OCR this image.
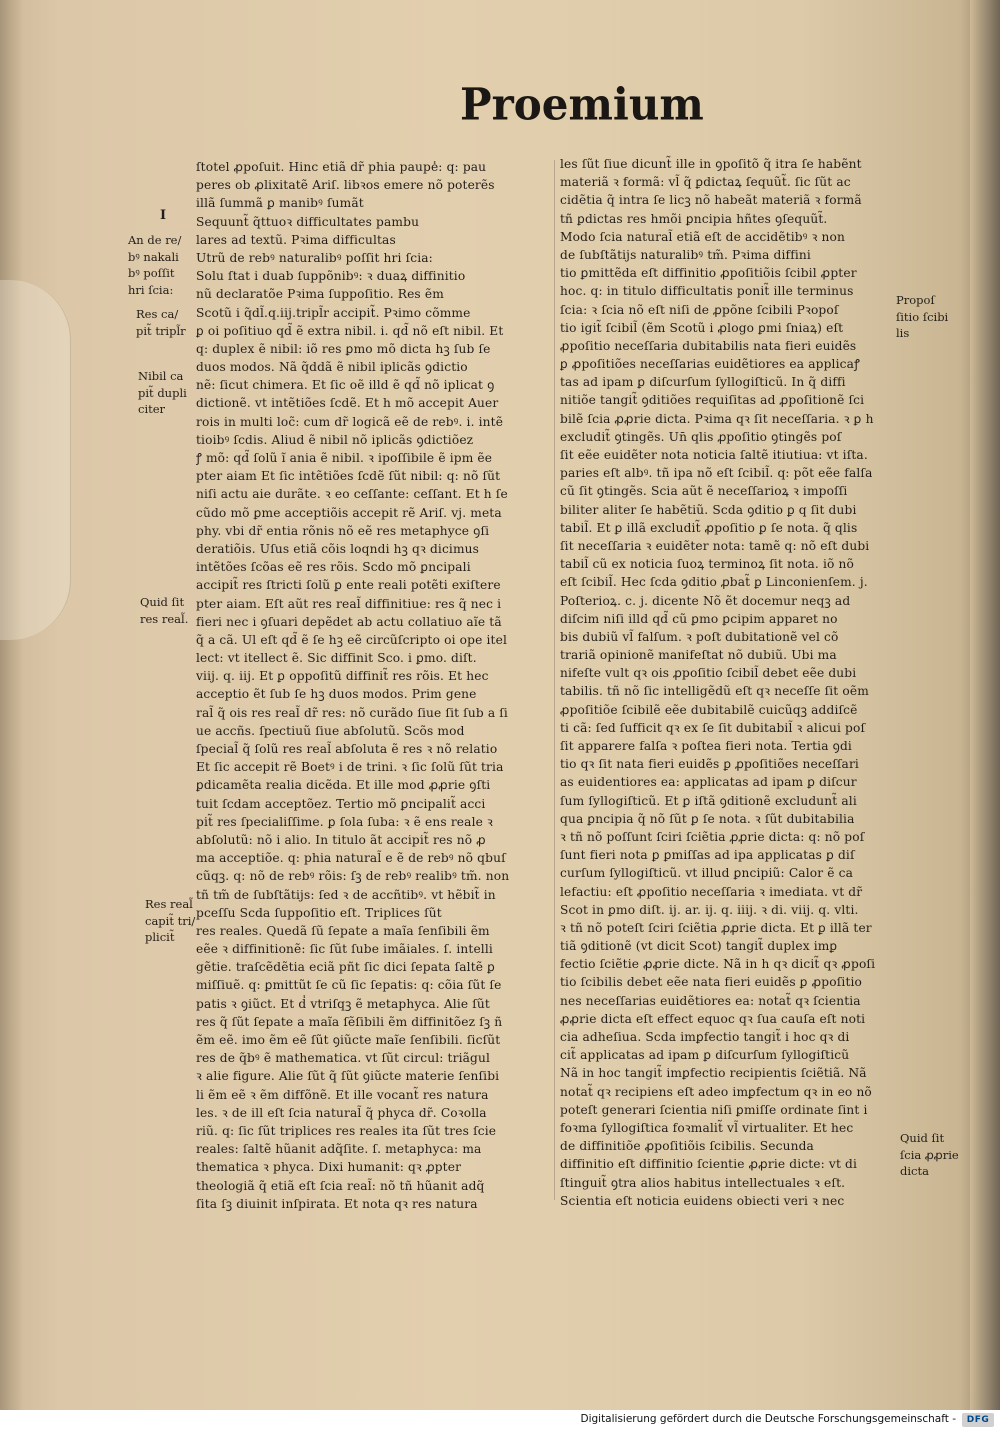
Proemium
I
ſtotel ꝓpoſuit. Hinc etiã dr̃ phia paupe̾: q: pau
peres ob ꝓlixitatẽ Ariſ. libꝛos emere nõ poterẽs
illã ſummã ꝑ manibꝰ ſumãt
Sequunt̃ q̃ttuoꝛ difficultates pambu
lares ad textũ. Pꝛima difficultas
Utrũ de rebꝰ naturalibꝰ poſſit hri ſcia:
Solu ſtat i duab ſuppõnibꝰ: ꝛ duaꝝ diffinitio
nũ declaratõe Pꝛima ſuppoſitio. Res ẽm
Scotũ i q̃dl̃.q.iij.tripl̃r accipit̃. Pꝛimo cõmme
ꝑ oi poſitiuo qd̃ ẽ extra nibil. i. qd̃ nõ eſt nibil. Et
q: duplex ẽ nibil: iõ res ꝑmo mõ dicta hꝫ ſub ſe
duos modos. Nã q̃ddã ẽ nibil iplicãs ꝯdictio
nẽ: ſicut chimera. Et ſic oẽ illd ẽ qd̃ nõ iplicat ꝯ
dictionẽ. vt intẽtiões ſcdẽ. Et h mõ accepit Auer
rois in multi loc̃: cum dr̃ logicã eẽ de rebꝰ. i. intẽ
tioibꝰ ſcdis. Aliud ẽ nibil nõ iplicãs ꝯdictiõez
ꝭ mõ: qd̃ ſolũ ĩ ania ẽ nibil. ꝛ ipoſſibile ẽ ipm ẽe
pter aiam Et ſic intẽtiões ſcdẽ ſũt nibil: q: nõ ſũt
niſi actu aie durãte. ꝛ eo ceſſante: ceſſant. Et h ſe
cũdo mõ ꝑme acceptiõis accepit rẽ Ariſ. vj. meta
phy. vbi dr̃ entia rõnis nõ eẽ res metaphyce ꝯſi
deratiõis. Uſus etiã cõis loqndi hꝫ qꝛ dicimus
intẽtões ſcõas eẽ res rõis. Scdo mõ ꝑncipali
accipit̃ res ſtricti ſolũ ꝑ ente reali potẽti exiſtere
pter aiam. Eſt aũt res real̃ diffinitiue: res q̃ nec i
fieri nec i ꝯſuari depẽdet ab actu collatiuo aĩe tã
q̃ a cã. Ul eſt qd̃ ẽ ſe hꝫ eẽ circũſcripto oi ope itel
lect: vt itellect ẽ. Sic diffinit Sco. i ꝑmo. diſt.
viij. q. iij. Et ꝑ oppoſitũ diffinit̃ res rõis. Et hec
acceptio ẽt ſub ſe hꝫ duos modos. Prim gene
ral̃ q̃ ois res real̃ dr̃ res: nõ curãdo ſiue ſit ſub a ſi
ue accñs. ſpectiuũ ſiue abſolutũ. Scõs mod
ſpecial̃ q̃ ſolũ res real̃ abſoluta ẽ res ꝛ nõ relatio
Et ſic accepit rẽ Boetꝰ i de trini. ꝛ ſic ſolũ ſũt tria
ꝑdicamẽta realia dicẽda. Et ille mod ꝓꝓrie ꝯſti
tuit ſcdam acceptõez. Tertio mõ ꝑncipalit̃ acci
pit̃ res ſpecialiſſime. ꝑ ſola ſuba: ꝛ ẽ ens reale ꝛ
abſolutũ: nõ i alio. In titulo ãt accipit̃ res nõ ꝓ
ma acceptiõe. q: phia natural̃ e ẽ de rebꝰ nõ qbuſ
cũqꝫ. q: nõ de rebꝰ rõis: ſꝫ de rebꝰ realibꝰ tm̃. non
tñ tm̃ de ſubſtãtijs: ſed ꝛ de accñtibꝰ. vt hẽbit̃ in
pceſſu Scda ſuppoſitio eſt. Triplices ſũt
res reales. Quedã ſũ ſepate a maĩa ſenſibili ẽm
eẽe ꝛ diffinitionẽ: ſic ſũt ſube imãiales. ſ. intelli
gẽtie. traſcẽdẽtia eciã pñt ſic dici ſepata ſaltẽ ꝑ
miſſiuẽ. q: ꝑmittũt ſe cũ ſic ſepatis: q: cõia ſũt ſe
patis ꝛ ꝯiũct. Et d̾ vtriſqꝫ ẽ metaphyca. Alie ſũt
res q̃ ſũt ſepate a maĩa ſẽſibili ẽm diffinitõez ſꝫ ñ
ẽm eẽ. imo ẽm eẽ ſũt ꝯiũcte maĩe ſenſibili. ſicſũt
res de q̃bꝰ ẽ mathematica. vt ſũt circul: triãgul
ꝛ alie figure. Alie ſũt q̃ ſũt ꝯiũcte materie ſenſibi
li ẽm eẽ ꝛ ẽm diffõnẽ. Et ille vocant̃ res natura
les. ꝛ de ill eſt ſcia natural̃ q̃ phyca dr̃. Coꝛolla
riũ. q: ſic ſũt triplices res reales ita ſũt tres ſcie
reales: ſaltẽ hũanit adq̃ſite. ſ. metaphyca: ma
thematica ꝛ phyca. Dixi humanit: qꝛ ꝓpter
theologiã q̃ etiã eſt ſcia real̃: nõ tñ hũanit adq̃
ſita ſꝫ diuinit inſpirata. Et nota qꝛ res natura
les ſũt ſiue dicunt̃ ille in ꝯpoſitõ q̃ itra ſe habẽnt
materiã ꝛ formã: vl̃ q̃ ꝑdictaꝝ ſequũt̃. ſic ſũt ac
cidẽtia q̃ intra ſe licꝫ nõ habeãt materiã ꝛ formã
tñ ꝑdictas res hmõi ꝑncipia hñtes ꝯſequũt̃.
Modo ſcia natural̃ etiã eſt de accidẽtibꝰ ꝛ non
de ſubſtãtijs naturalibꝰ tm̃. Pꝛima diffini
tio ꝑmittẽda eſt diffinitio ꝓpoſitiõis ſcibil ꝓpter
hoc. q: in titulo difficultatis ponit̃ ille terminus
ſcia: ꝛ ſcia nõ eſt niſi de ꝓpõne ſcibili Pꝛopoſ
tio igit̃ ſcibil̃ (ẽm Scotũ i ꝓlogo ꝑmi ſniaꝝ) eſt
ꝓpoſitio neceſſaria dubitabilis nata fieri euidẽs
ꝑ ꝓpoſitiões neceſſarias euidẽtiores ea applicaꝭ
tas ad ipam ꝑ diſcurſum ſyllogiſticũ. In q̃ diffi
nitiõe tangit̃ ꝯditiões requiſitas ad ꝓpoſitionẽ ſci
bilẽ ſcia ꝓꝓrie dicta. Pꝛima qꝛ ſit neceſſaria. ꝛ ꝑ h
excludit̃ ꝯtingẽs. Un̄ qlis ꝓpoſitio ꝯtingẽs poſ
ſit eẽe euidẽter nota noticia ſaltẽ itiutiua: vt iſta.
paries eſt albꝰ. tñ ipa nõ eſt ſcibil̃. q: põt eẽe falſa
cũ ſit ꝯtingẽs. Scia aũt ẽ neceſſarioꝝ ꝛ impoſſi
biliter aliter ſe habẽtiũ. Scda ꝯditio ꝑ q ſit dubi
tabil̃. Et ꝑ illã excludit̃ ꝓpoſitio ꝑ ſe nota. q̃ qlis
ſit neceſſaria ꝛ euidẽter nota: tamẽ q: nõ eſt dubi
tabil̃ cũ ex noticia ſuoꝝ terminoꝝ ſit nota. iõ nõ
eſt ſcibil̃. Hec ſcda ꝯditio ꝓbat̃ ꝑ Linconienſem. j.
Poſterioꝝ. c. j. dicente Nõ ẽt docemur neqꝫ ad
diſcim niſi illd qd̃ cũ ꝑmo ꝑcipim apparet no
bis dubiũ vl̃ falſum. ꝛ poſt dubitationẽ vel cõ
trariã opinionẽ manifeſtat nõ dubiũ. Ubi ma
nifeſte vult qꝛ ois ꝓpoſitio ſcibil̃ debet eẽe dubi
tabilis. tñ nõ ſic intelligẽdũ eſt qꝛ neceſſe ſit oẽm
ꝓpoſitiõe ſcibilẽ eẽe dubitabilẽ cuicũqꝫ addiſcẽ
ti cã: ſed ſufficit qꝛ ex ſe ſit dubitabil̃ ꝛ alicui poſ
ſit apparere falſa ꝛ poſtea fieri nota. Tertia ꝯdi
tio qꝛ ſit nata fieri euidẽs ꝑ ꝓpoſitiões neceſſari
as euidentiores ea: applicatas ad ipam ꝑ diſcur
ſum ſyllogiſticũ. Et ꝑ iſtã ꝯditionẽ excludunt̃ ali
qua ꝑncipia q̃ nõ ſũt ꝑ ſe nota. ꝛ ſũt dubitabilia
ꝛ tñ nõ poſſunt ſciri ſciẽtia ꝓꝓrie dicta: q: nõ poſ
ſunt fieri nota ꝑ ꝑmiſſas ad ipa applicatas ꝑ diſ
curſum ſyllogiſticũ. vt illud ꝑncipiũ: Calor ẽ ca
lefactiu: eſt ꝓpoſitio neceſſaria ꝛ imediata. vt dr̃
Scot in ꝑmo diſt. ij. ar. ij. q. iiij. ꝛ di. viij. q. vlti.
ꝛ tñ nõ poteſt ſciri ſciẽtia ꝓꝓrie dicta. Et ꝑ illã ter
tiã ꝯditionẽ (vt dicit Scot) tangit̃ duplex imꝑ
fectio ſciẽtie ꝓꝓrie dicte. Nã in h qꝛ dicit̃ qꝛ ꝓpoſi
tio ſcibilis debet eẽe nata fieri euidẽs ꝑ ꝓpoſitio
nes neceſſarias euidẽtiores ea: notat̃ qꝛ ſcientia
ꝓꝓrie dicta eſt effect equoc qꝛ ſua cauſa eſt noti
cia adheſiua. Scda imꝑfectio tangit̃ i hoc qꝛ di
cit̃ applicatas ad ipam ꝑ diſcurſum ſyllogiſticũ
Nã in hoc tangit̃ imꝑfectio recipientis ſciẽtiã. Nã
notat̃ qꝛ recipiens eſt adeo imꝑfectum qꝛ in eo nõ
poteſt generari ſcientia niſi ꝑmiſſe ordinate ſint i
foꝛma ſyllogiſtica foꝛmalit̃ vl̃ virtualiter. Et hec
de diffinitiõe ꝓpoſitiõis ſcibilis. Secunda
diffinitio eſt diffinitio ſcientie ꝓꝓrie dicte: vt di
ſtinguit̃ ꝯtra alios habitus intellectuales ꝛ eſt.
Scientia eſt noticia euidens obiecti veri ꝛ nec
An de re/
bꝰ nakali
bꝰ poſſit
hri ſcia:
Res ca/
pit̃ tripl̃r
Nibil ca
pit̃ dupli
citer
Quid ſit
res real̃.
Res real̃
capit̃ tri/
plicit̃
Propoſ
ſitio ſcibi
lis
Quid ſit
ſcia ꝓꝓrie
dicta
Digitalisierung gefördert durch die Deutsche Forschungsgemeinschaft -	DFG
